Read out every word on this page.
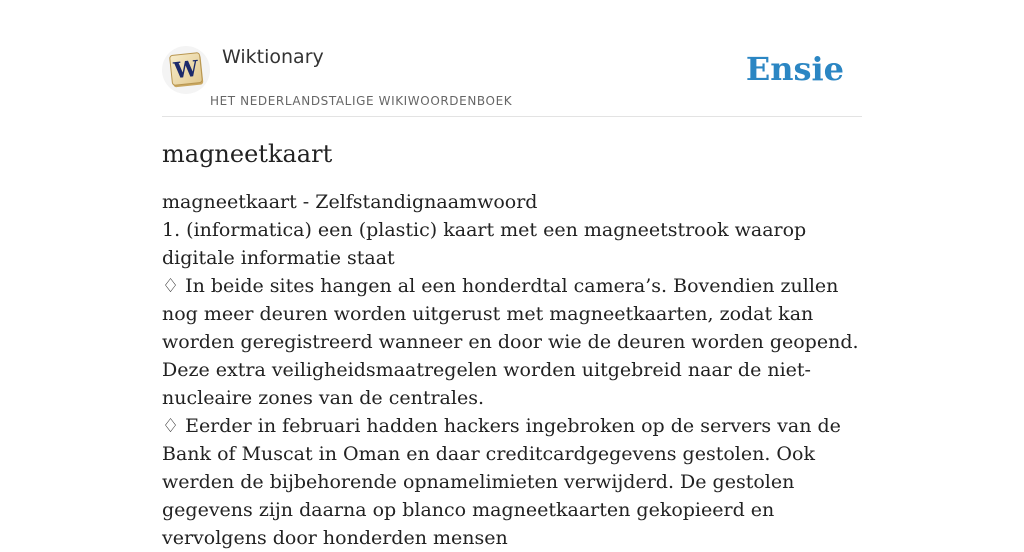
W Wiktionary
HET NEDERLANDSTALIGE WIKIWOORDENBOEK
Ensie
magneetkaart

magneetkaart - Zelfstandignaamwoord

1. (informatica) een (plastic) kaart met een magneetstrook waarop digitale informatie staat

♢ In beide sites hangen al een honderdtal camera’s. Bovendien zullen nog meer deuren worden uitgerust met magneetkaarten, zodat kan worden geregistreerd wanneer en door wie de deuren worden geopend. Deze extra veiligheidsmaatregelen worden uitgebreid naar de niet-nucleaire zones van de centrales.

♢ Eerder in februari hadden hackers ingebroken op de servers van de Bank of Muscat in Oman en daar creditcardgegevens gestolen. Ook werden de bijbehorende opnamelimieten verwijderd. De gestolen gegevens zijn daarna op blanco magneetkaarten gekopieerd en vervolgens door honderden mensen
